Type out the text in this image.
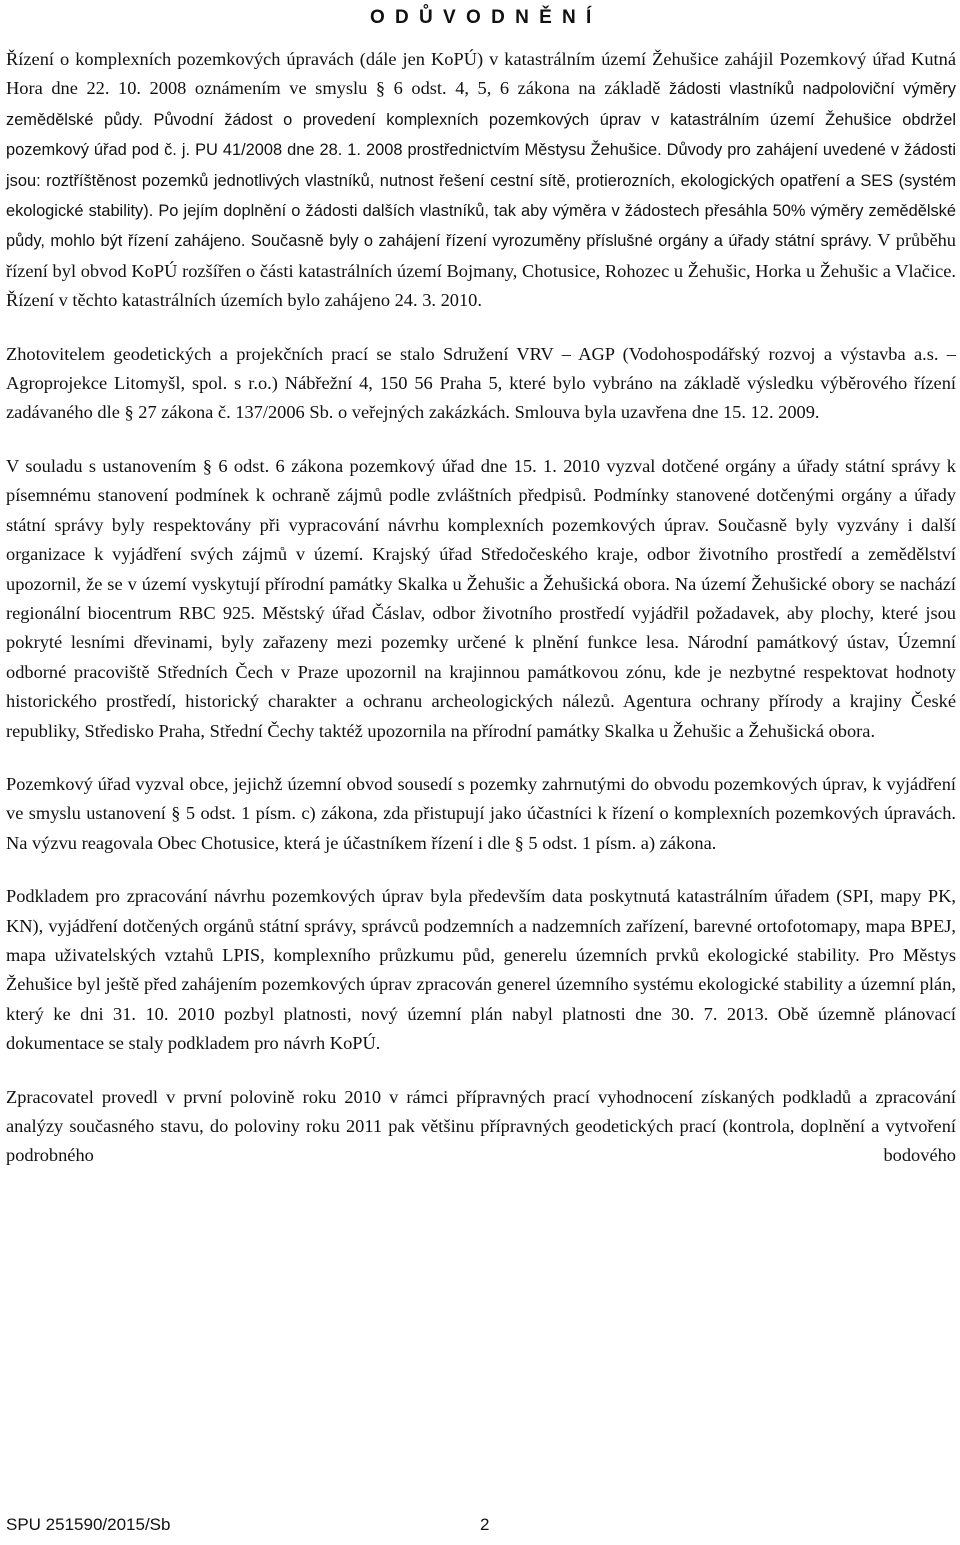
O D Ů V O D N Ě N Í
Řízení o komplexních pozemkových úpravách (dále jen KoPÚ) v katastrálním území Žehušice zahájil Pozemkový úřad Kutná Hora dne 22. 10. 2008 oznámením ve smyslu § 6 odst. 4, 5, 6 zákona na základě žádosti vlastníků nadpoloviční výměry zemědělské půdy. Původní žádost o provedení komplexních pozemkových úprav v katastrálním území Žehušice obdržel pozemkový úřad pod č. j. PU 41/2008 dne 28. 1. 2008 prostřednictvím Městysu Žehušice. Důvody pro zahájení uvedené v žádosti jsou: roztříštěnost pozemků jednotlivých vlastníků, nutnost řešení cestní sítě, protierozních, ekologických opatření a SES (systém ekologické stability). Po jejím doplnění o žádosti dalších vlastníků, tak aby výměra v žádostech přesáhla 50% výměry zemědělské půdy, mohlo být řízení zahájeno. Současně byly o zahájení řízení vyrozuměny příslušné orgány a úřady státní správy. V průběhu řízení byl obvod KoPÚ rozšířen o části katastrálních území Bojmany, Chotusice, Rohozec u Žehušic, Horka u Žehušic a Vlačice. Řízení v těchto katastrálních územích bylo zahájeno 24. 3. 2010.
Zhotovitelem geodetických a projekčních prací se stalo Sdružení VRV – AGP (Vodohospodářský rozvoj a výstavba a.s. – Agroprojekce Litomyšl, spol. s r.o.) Nábřežní 4, 150 56 Praha 5, které bylo vybráno na základě výsledku výběrového řízení zadávaného dle § 27 zákona č. 137/2006 Sb. o veřejných zakázkách. Smlouva byla uzavřena dne 15. 12. 2009.
V souladu s ustanovením § 6 odst. 6 zákona pozemkový úřad dne 15. 1. 2010 vyzval dotčené orgány a úřady státní správy k písemnému stanovení podmínek k ochraně zájmů podle zvláštních předpisů. Podmínky stanovené dotčenými orgány a úřady státní správy byly respektovány při vypracování návrhu komplexních pozemkových úprav. Současně byly vyzvány i další organizace k vyjádření svých zájmů v území. Krajský úřad Středočeského kraje, odbor životního prostředí a zemědělství upozornil, že se v území vyskytují přírodní památky Skalka u Žehušic a Žehušická obora. Na území Žehušické obory se nachází regionální biocentrum RBC 925. Městský úřad Čáslav, odbor životního prostředí vyjádřil požadavek, aby plochy, které jsou pokryté lesními dřevinami, byly zařazeny mezi pozemky určené k plnění funkce lesa. Národní památkový ústav, Územní odborné pracoviště Středních Čech v Praze upozornil na krajinnou památkovou zónu, kde je nezbytné respektovat hodnoty historického prostředí, historický charakter a ochranu archeologických nálezů. Agentura ochrany přírody a krajiny České republiky, Středisko Praha, Střední Čechy taktéž upozornila na přírodní památky Skalka u Žehušic a Žehušická obora.
Pozemkový úřad vyzval obce, jejichž územní obvod sousedí s pozemky zahrnutými do obvodu pozemkových úprav, k vyjádření ve smyslu ustanovení § 5 odst. 1 písm. c) zákona, zda přistupují jako účastníci k řízení o komplexních pozemkových úpravách. Na výzvu reagovala Obec Chotusice, která je účastníkem řízení i dle § 5 odst. 1 písm. a) zákona.
Podkladem pro zpracování návrhu pozemkových úprav byla především data poskytnutá katastrálním úřadem (SPI, mapy PK, KN), vyjádření dotčených orgánů státní správy, správců podzemních a nadzemních zařízení, barevné ortofotomapy, mapa BPEJ, mapa uživatelských vztahů LPIS, komplexního průzkumu půd, generelu územních prvků ekologické stability. Pro Městys Žehušice byl ještě před zahájením pozemkových úprav zpracován generel územního systému ekologické stability a územní plán, který ke dni 31. 10. 2010 pozbyl platnosti, nový územní plán nabyl platnosti dne 30. 7. 2013. Obě územně plánovací dokumentace se staly podkladem pro návrh KoPÚ.
Zpracovatel provedl v první polovině roku 2010 v rámci přípravných prací vyhodnocení získaných podkladů a zpracování analýzy současného stavu, do poloviny roku 2011 pak většinu přípravných geodetických prací (kontrola, doplnění a vytvoření podrobného bodového
SPU 251590/2015/Sb	2
